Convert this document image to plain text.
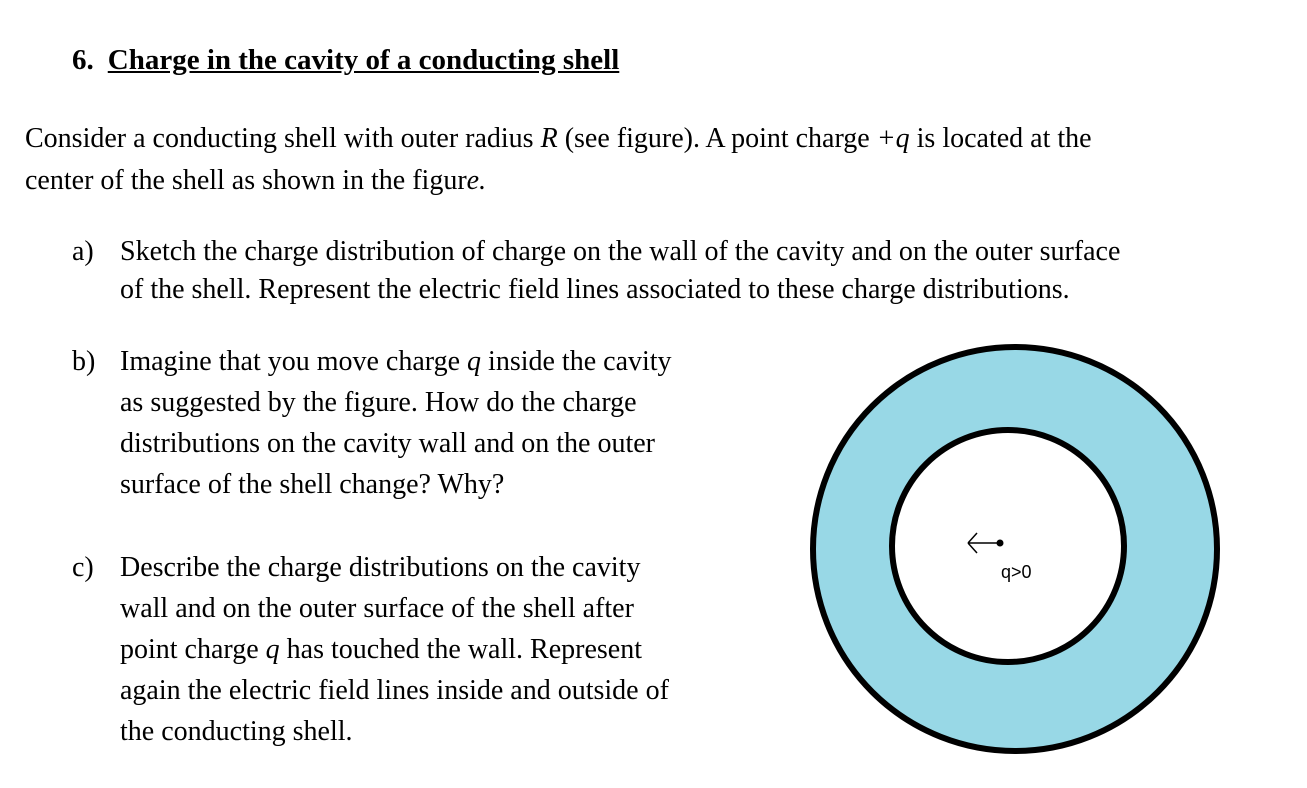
6. Charge in the cavity of a conducting shell
Consider a conducting shell with outer radius R (see figure). A point charge +q is located at the
center of the shell as shown in the figure.
a) Sketch the charge distribution of charge on the wall of the cavity and on the outer surface
of the shell. Represent the electric field lines associated to these charge distributions.
b) Imagine that you move charge q inside the cavity
as suggested by the figure. How do the charge
distributions on the cavity wall and on the outer
surface of the shell change? Why?
c) Describe the charge distributions on the cavity
wall and on the outer surface of the shell after
point charge q has touched the wall. Represent
again the electric field lines inside and outside of
the conducting shell.
q>0
